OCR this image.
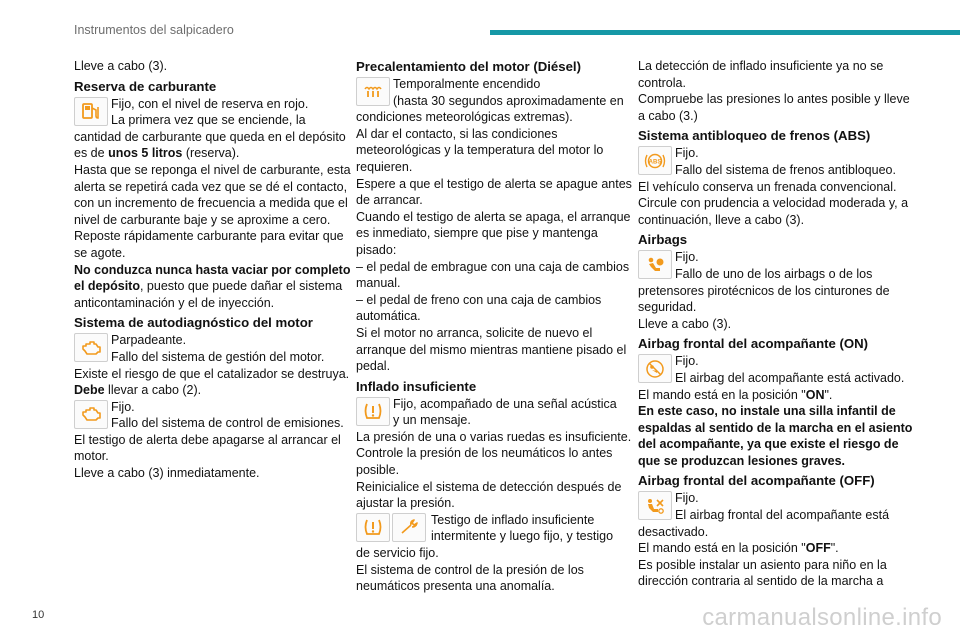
Instrumentos del salpicadero

Lleve a cabo (3).

Reserva de carburante

Fijo, con el nivel de reserva en rojo.

La primera vez que se enciende, la

cantidad de carburante que queda en el depósito es de unos 5 litros (reserva).

Hasta que se reponga el nivel de carburante, esta alerta se repetirá cada vez que se dé el contacto, con un incremento de frecuencia a medida que el nivel de carburante baje y se aproxime a cero.

Reposte rápidamente carburante para evitar que se agote.

No conduzca nunca hasta vaciar por completo el depósito, puesto que puede dañar el sistema anticontaminación y el de inyección.

Sistema de autodiagnóstico del motor

Parpadeante.

Fallo del sistema de gestión del motor.

Existe el riesgo de que el catalizador se destruya.

Debe llevar a cabo (2).

Fijo.

Fallo del sistema de control de emisiones.

El testigo de alerta debe apagarse al arrancar el motor.

Lleve a cabo (3) inmediatamente.

Precalentamiento del motor (Diésel)

Temporalmente encendido

(hasta 30 segundos aproximadamente en

condiciones meteorológicas extremas).

Al dar el contacto, si las condiciones meteorológicas y la temperatura del motor lo requieren.

Espere a que el testigo de alerta se apague antes de arrancar.

Cuando el testigo de alerta se apaga, el arranque es inmediato, siempre que pise y mantenga pisado:

– el pedal de embrague con una caja de cambios manual.

– el pedal de freno con una caja de cambios automática.

Si el motor no arranca, solicite de nuevo el arranque del mismo mientras mantiene pisado el pedal.

Inflado insuficiente

Fijo, acompañado de una señal acústica

y un mensaje.

La presión de una o varias ruedas es insuficiente.

Controle la presión de los neumáticos lo antes posible.

Reinicialice el sistema de detección después de ajustar la presión.

Testigo de inflado insuficiente

intermitente y luego fijo, y testigo

de servicio fijo.

El sistema de control de la presión de los neumáticos presenta una anomalía.

La detección de inflado insuficiente ya no se controla.

Compruebe las presiones lo antes posible y lleve a cabo (3.)

Sistema antibloqueo de frenos (ABS)
ABS

Fijo.

Fallo del sistema de frenos antibloqueo.

El vehículo conserva un frenada convencional.

Circule con prudencia a velocidad moderada y, a continuación, lleve a cabo (3).

Airbags

Fijo.

Fallo de uno de los airbags o de los

pretensores pirotécnicos de los cinturones de seguridad.

Lleve a cabo (3).

Airbag frontal del acompañante (ON)

Fijo.

El airbag del acompañante está activado.

El mando está en la posición "ON".

En este caso, no instale una silla infantil de espaldas al sentido de la marcha en el asiento del acompañante, ya que existe el riesgo de que se produzcan lesiones graves.

Airbag frontal del acompañante (OFF)

Fijo.

El airbag frontal del acompañante está

desactivado.

El mando está en la posición "OFF".

Es posible instalar un asiento para niño en la dirección contraria al sentido de la marcha a

10	carmanualsonline.info
